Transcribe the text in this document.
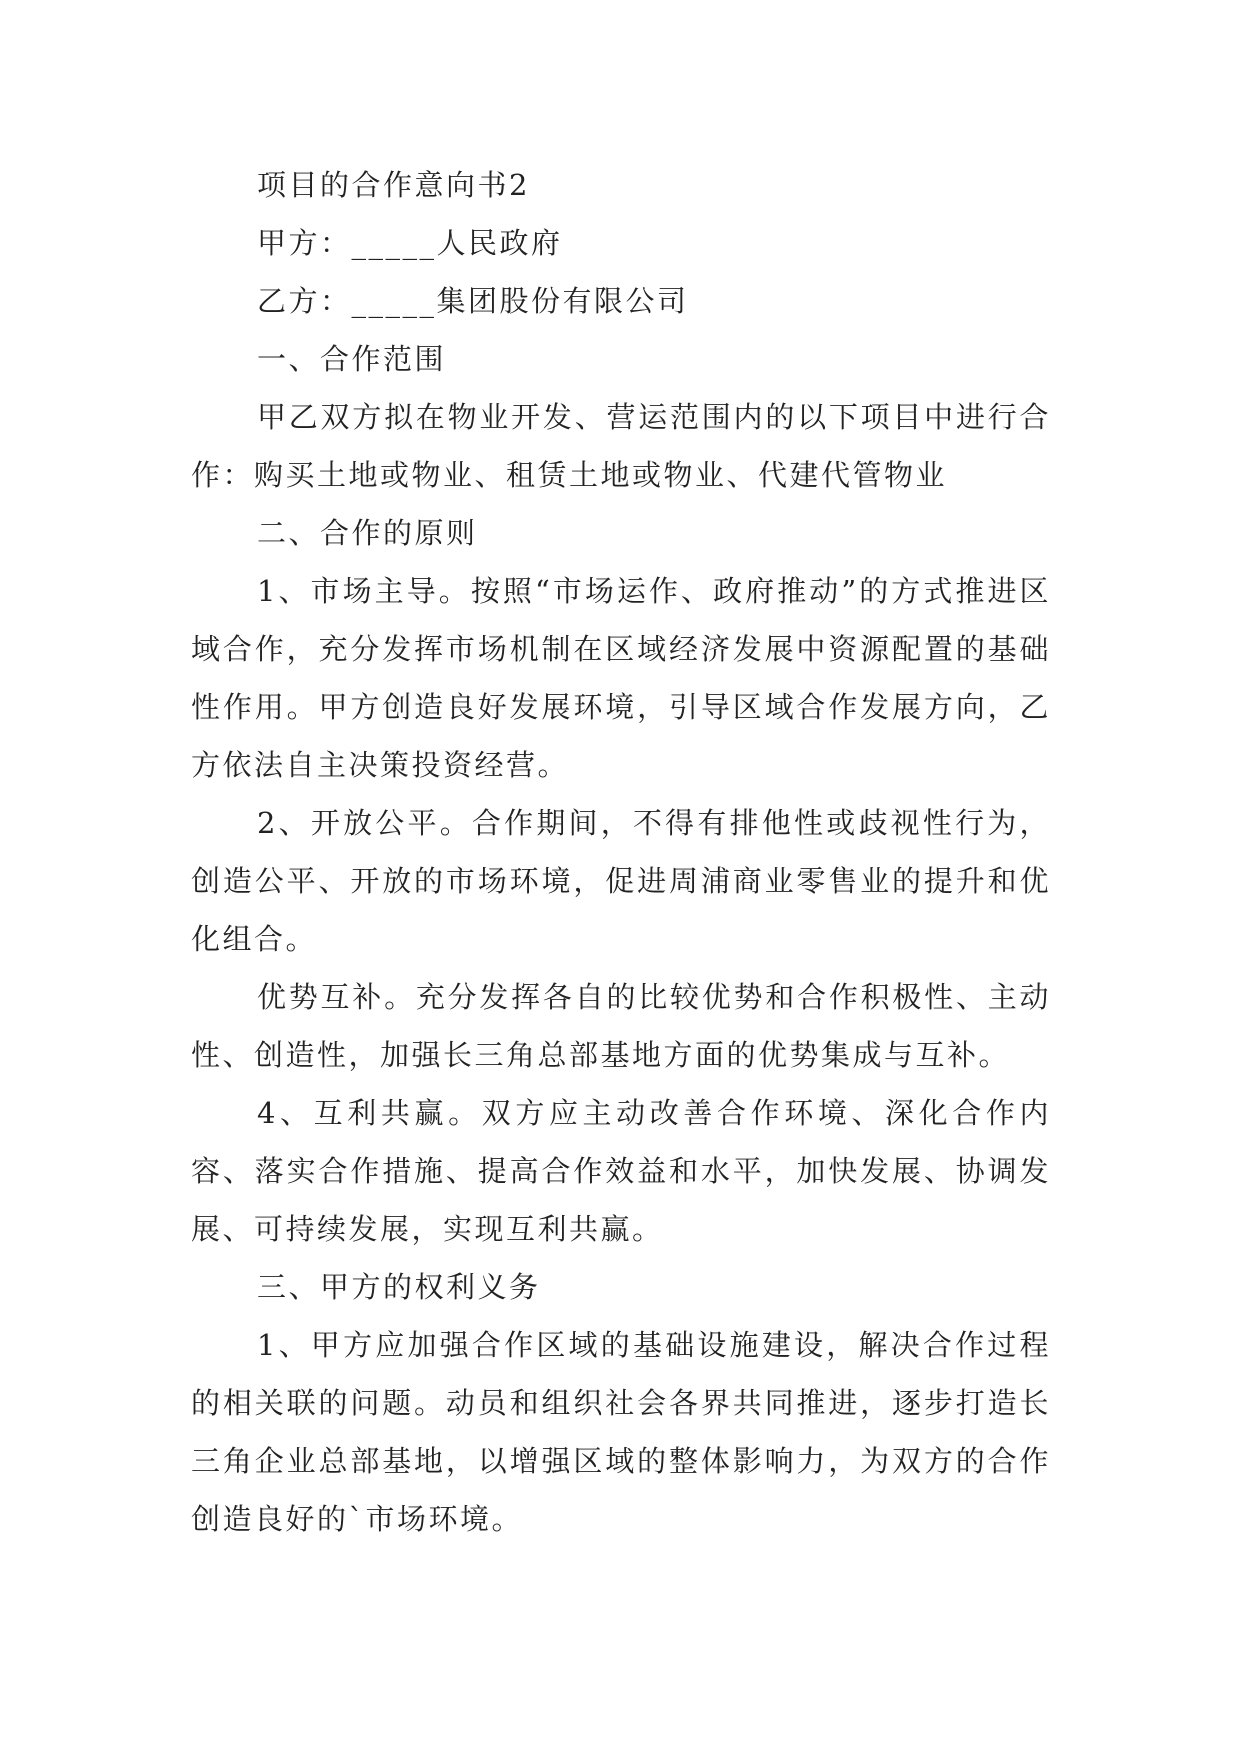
项目的合作意向书2

甲方：_____人民政府

乙方：_____集团股份有限公司

一、合作范围

甲乙双方拟在物业开发、营运范围内的以下项目中进行合作：购买土地或物业、租赁土地或物业、代建代管物业

二、合作的原则

1、市场主导。按照“市场运作、政府推动”的方式推进区域合作，充分发挥市场机制在区域经济发展中资源配置的基础性作用。甲方创造良好发展环境，引导区域合作发展方向，乙方依法自主决策投资经营。

2、开放公平。合作期间，不得有排他性或歧视性行为，创造公平、开放的市场环境，促进周浦商业零售业的提升和优化组合。

优势互补。充分发挥各自的比较优势和合作积极性、主动性、创造性，加强长三角总部基地方面的优势集成与互补。

4、互利共赢。双方应主动改善合作环境、深化合作内容、落实合作措施、提高合作效益和水平，加快发展、协调发展、可持续发展，实现互利共赢。

三、甲方的权利义务

1、甲方应加强合作区域的基础设施建设，解决合作过程的相关联的问题。动员和组织社会各界共同推进，逐步打造长三角企业总部基地，以增强区域的整体影响力，为双方的合作创造良好的`市场环境。
